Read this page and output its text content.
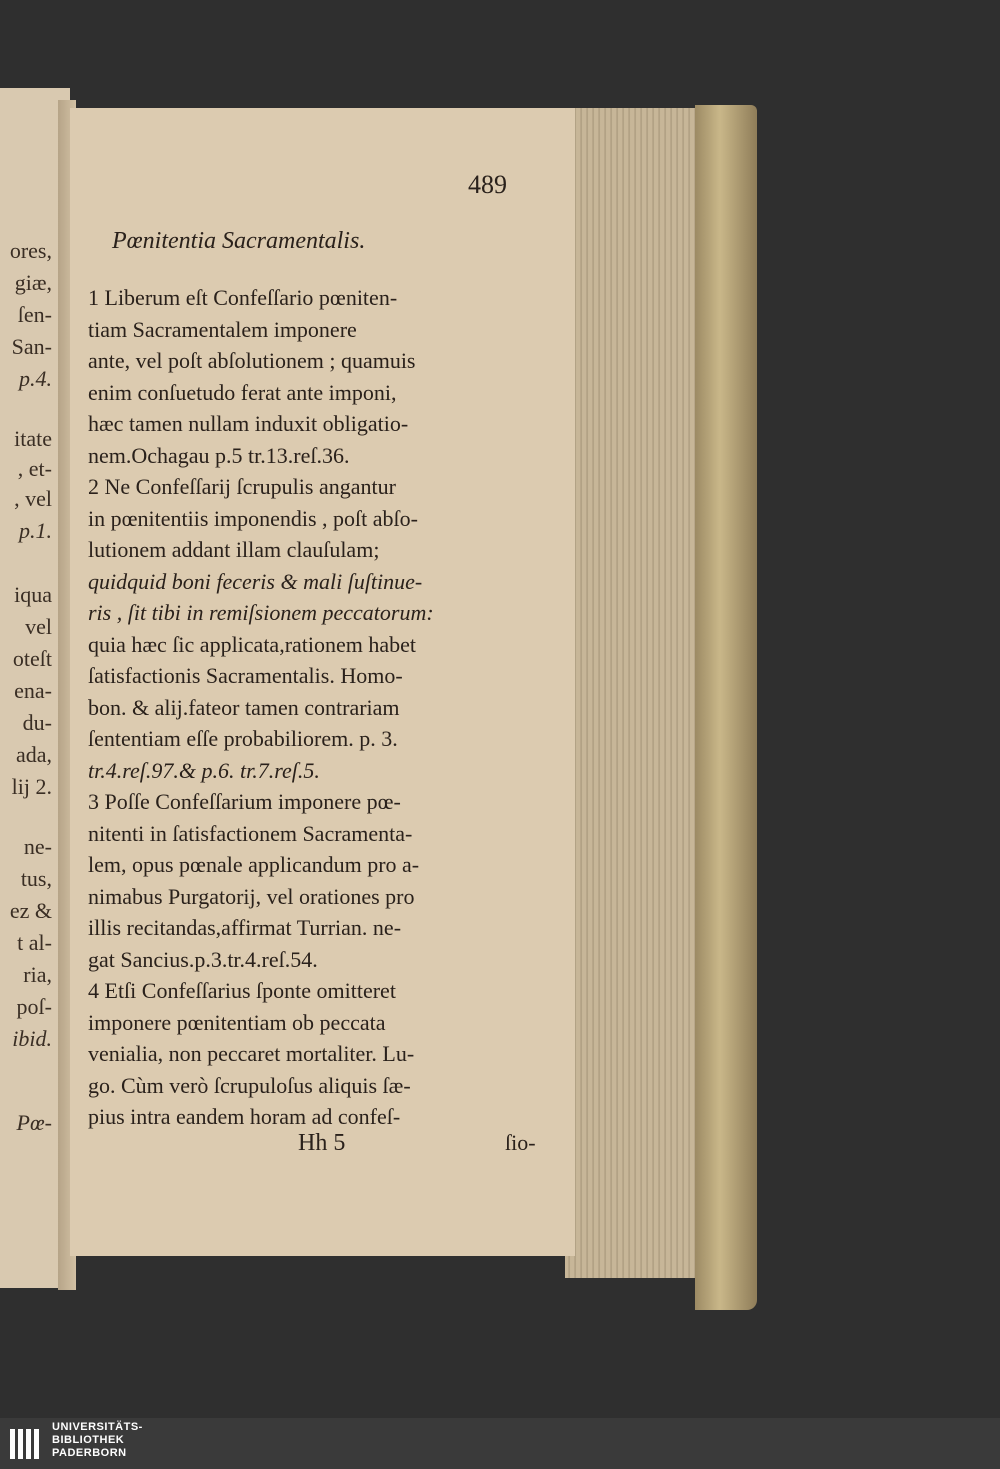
ores,
giæ,
ſen-
San-
p.4.
itate
, et-
, vel
p.1.
iqua
vel
oteſt
ena-
du-
ada,
lij 2.
ne-
tus,
ez &
t al-
ria,
poſ-
ibid.
Pœ-
489
Pœnitentia Sacramentalis.
1 Liberum eſt Confeſſario pœniten-
tiam Sacramentalem imponere
ante, vel poſt abſolutionem ; quamuis
enim conſuetudo ferat ante imponi,
hæc tamen nullam induxit obligatio-
nem.Ochagau p.5 tr.13.reſ.36.
2 Ne Confeſſarij ſcrupulis angantur
in pœnitentiis imponendis , poſt abſo-
lutionem addant illam clauſulam;
quidquid boni feceris & mali ſuſtinue-
ris , ſit tibi in remiſsionem peccatorum:
quia hæc ſic applicata,rationem habet
ſatisfactionis Sacramentalis. Homo-
bon. & alij.fateor tamen contrariam
ſententiam eſſe probabiliorem. p. 3.
tr.4.reſ.97.& p.6. tr.7.reſ.5.
3 Poſſe Confeſſarium imponere pœ-
nitenti in ſatisfactionem Sacramenta-
lem, opus pœnale applicandum pro a-
nimabus Purgatorij, vel orationes pro
illis recitandas,affirmat Turrian. ne-
gat Sancius.p.3.tr.4.reſ.54.
4 Etſi Confeſſarius ſponte omitteret
imponere pœnitentiam ob peccata
venialia, non peccaret mortaliter. Lu-
go. Cùm verò ſcrupuloſus aliquis ſæ-
pius intra eandem horam ad confeſ-
Hh 5	ſio-
UNIVERSITÄTS-
BIBLIOTHEK
PADERBORN
